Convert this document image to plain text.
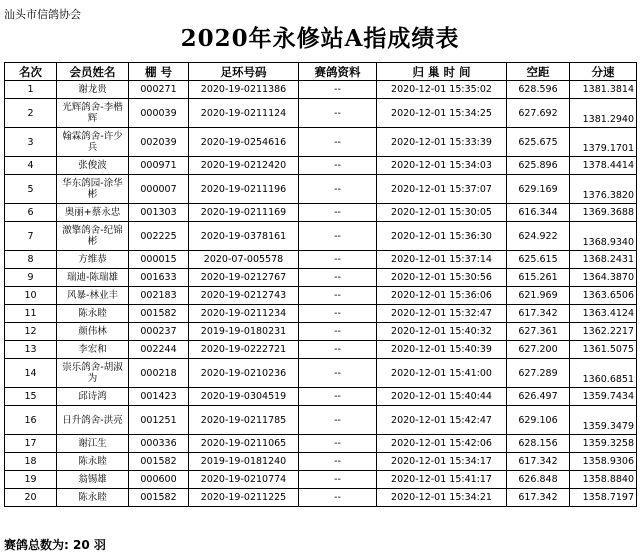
汕头市信鸽协会
2020年永修站A指成绩表
名次	会员姓名	棚 号	足环号码	赛鸽资料	归 巢 时 间	空距	分速
1	谢龙贵	000271	2020-19-0211386	--	2020-12-01 15:35:02	628.596	1381.3814
2	光辉鸽舍-李楷辉	000039	2020-19-0211124	--	2020-12-01 15:34:25	627.692	1381.2940
3	翰霖鸽舍-许少兵	002039	2020-19-0254616	--	2020-12-01 15:33:39	625.675	1379.1701
4	张俊波	000971	2020-19-0212420	--	2020-12-01 15:34:03	625.896	1378.4414
5	华东鸽园-涂华彬	000007	2020-19-0211196	--	2020-12-01 15:37:07	629.169	1376.3820
6	奥丽+蔡永忠	001303	2020-19-0211169	--	2020-12-01 15:30:05	616.344	1369.3688
7	激擎鸽舍-纪锦彬	002225	2020-19-0378161	--	2020-12-01 15:36:30	624.922	1368.9340
8	方维恭	000015	2020-07-005578	--	2020-12-01 15:37:14	625.615	1368.2431
9	瑞迪-陈瑞雄	001633	2020-19-0212767	--	2020-12-01 15:30:56	615.261	1364.3870
10	风暴-林业丰	002183	2020-19-0212743	--	2020-12-01 15:36:06	621.969	1363.6506
11	陈永睦	001582	2020-19-0211234	--	2020-12-01 15:32:47	617.342	1363.4124
12	颜伟林	000237	2019-19-0180231	--	2020-12-01 15:40:32	627.361	1362.2217
13	李宏和	002244	2020-19-0222721	--	2020-12-01 15:40:39	627.200	1361.5075
14	崇乐鸽舍-胡淑为	000218	2020-19-0210236	--	2020-12-01 15:41:00	627.289	1360.6851
15	邱诗鸿	001423	2020-19-0304519	--	2020-12-01 15:40:44	626.497	1359.7434
16	日升鸽舍-洪亮	001251	2020-19-0211785	--	2020-12-01 15:42:47	629.106	1359.3479
17	谢江生	000336	2020-19-0211065	--	2020-12-01 15:42:06	628.156	1359.3258
18	陈永睦	001582	2019-19-0181240	--	2020-12-01 15:34:17	617.342	1358.9306
19	翁锡雄	000600	2020-19-0210774	--	2020-12-01 15:41:17	626.848	1358.8840
20	陈永睦	001582	2020-19-0211225	--	2020-12-01 15:34:21	617.342	1358.7197
赛鸽总数为: 20 羽
